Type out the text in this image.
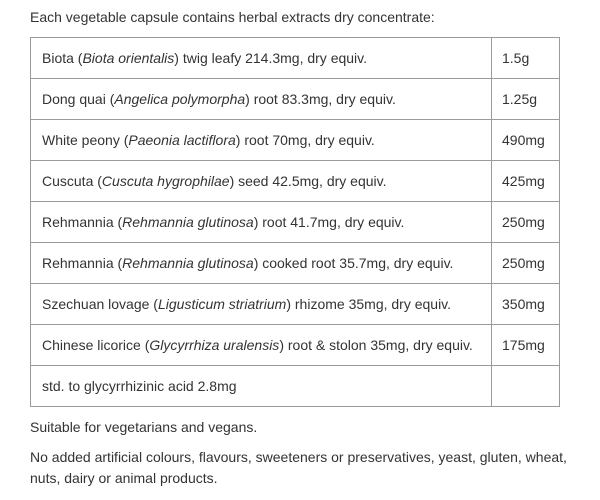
Each vegetable capsule contains herbal extracts dry concentrate:

Biota (Biota orientalis) twig leafy 214.3mg, dry equiv.	1.5g
Dong quai (Angelica polymorpha) root 83.3mg, dry equiv.	1.25g
White peony (Paeonia lactiflora) root 70mg, dry equiv.	490mg
Cuscuta (Cuscuta hygrophilae) seed 42.5mg, dry equiv.	425mg
Rehmannia (Rehmannia glutinosa) root 41.7mg, dry equiv.	250mg
Rehmannia (Rehmannia glutinosa) cooked root 35.7mg, dry equiv.	250mg
Szechuan lovage (Ligusticum striatrium) rhizome 35mg, dry equiv.	350mg
Chinese licorice (Glycyrrhiza uralensis) root & stolon 35mg, dry equiv.	175mg
std. to glycyrrhizinic acid 2.8mg	

Suitable for vegetarians and vegans.

No added artificial colours, flavours, sweeteners or preservatives, yeast, gluten, wheat, nuts, dairy or animal products.
